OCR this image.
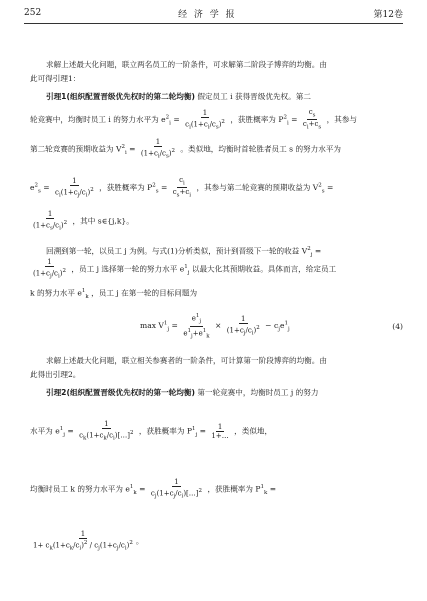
252	经 济 学 报	第12卷
求解上述最大化问题，联立两名员工的一阶条件，可求解第二阶段子博弈的均衡。由
此可得引理1：
引理1(组织配置晋级优先权时的第二轮均衡) 假定员工 i 获得晋级优先权。第二
轮竞赛中，均衡时员工 i 的努力水平为 $e^2_i = \frac{1}{c_i(1+c_i/c_s)^2}$ ，获胜概率为 $P^2_i = \frac{c_s}{c_i+c_s}$ ，其参与
第二轮竞赛的预期收益为 $V^2_i = \frac{1}{(1+c_i/c_s)^2}$ 。类似地，均衡时首轮胜者员工 s 的努力水平为
$e^2_s = \frac{1}{c_i(1+c_j/c_i)^2}$ ，获胜概率为 $P^2_s = \frac{c_i}{c_s+c_i}$ ，其参与第二轮竞赛的预期收益为 $V^2_s$ =
$\frac{1}{(1+c_s/c_i)^2}$ ，其中 s∈{j,k}。
回溯到第一轮，以员工 j 为例。与式(1)分析类似，预计到晋级下一轮的收益 $V^2_j$ =
$\frac{1}{(1+c_j/c_i)^2}$ ，员工 j 选择第一轮的努力水平 $e^1_j$ 以最大化其预期收益。具体而言，给定员工
k 的努力水平 $e^1_k$ ，员工 j 在第一轮的目标问题为
$\max V^1_j = \frac{e^1_j}{e^1_j+e^1_k} \times \frac{1}{(1+c_j/c_i)^2} - c_je^1_j$	(4)
求解上述最大化问题，联立相关参赛者的一阶条件，可计算第一阶段博弈的均衡。由
此得出引理2。
引理2(组织配置晋级优先权时的第一轮均衡) 第一轮竞赛中，均衡时员工 j 的努力
水平为 $e^1_j = \frac{1}{c_k(1+c_k/c_i)[\dots]^2}$ ，获胜概率为 $P^1_j = \frac{1}{1+\dots}$ ，类似地，
均衡时员工 k 的努力水平为 $e^1_k = \frac{1}{c_j(1+c_j/c_i)[\dots]^2}$ ，获胜概率为 $P^1_k$ =
$\frac{1}{1+ c_k(1+c_k/c_i)^2 / c_j(1+c_j/c_i)^2}$ 。
